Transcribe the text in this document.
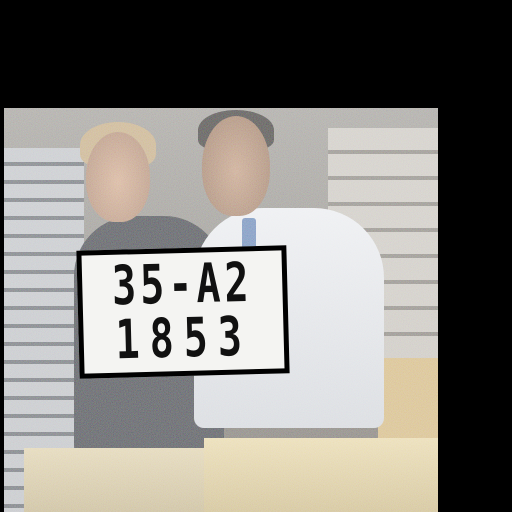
35-A2
1853
